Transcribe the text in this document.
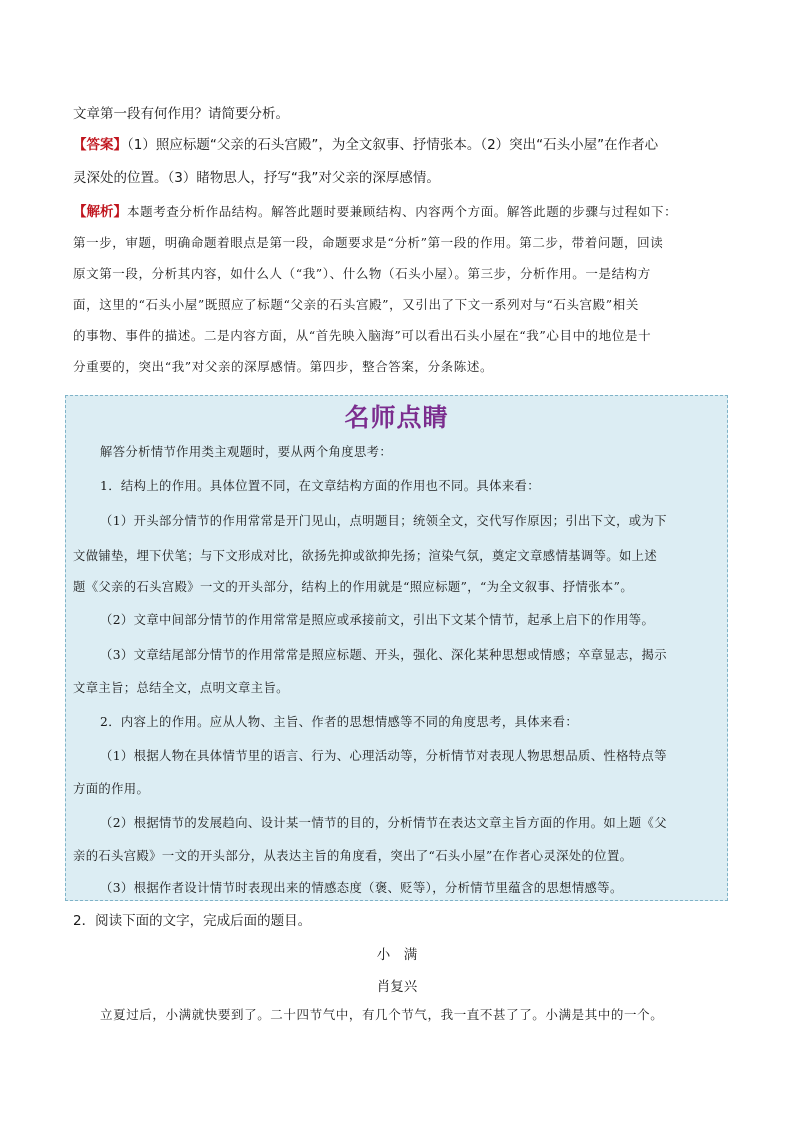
文章第一段有何作用？请简要分析。
【答案】（1）照应标题“父亲的石头宫殿”，为全文叙事、抒情张本。（2）突出“石头小屋”在作者心
灵深处的位置。（3）睹物思人，抒写“我”对父亲的深厚感情。
【解析】本题考查分析作品结构。解答此题时要兼顾结构、内容两个方面。解答此题的步骤与过程如下：
第一步，审题，明确命题着眼点是第一段，命题要求是“分析”第一段的作用。第二步，带着问题，回读
原文第一段，分析其内容，如什么人（“我”）、什么物（石头小屋）。第三步，分析作用。一是结构方
面，这里的“石头小屋”既照应了标题“父亲的石头宫殿”，又引出了下文一系列对与“石头宫殿”相关
的事物、事件的描述。二是内容方面，从“首先映入脑海”可以看出石头小屋在“我”心目中的地位是十
分重要的，突出“我”对父亲的深厚感情。第四步，整合答案，分条陈述。
名师点睛
解答分析情节作用类主观题时，要从两个角度思考：
1．结构上的作用。具体位置不同，在文章结构方面的作用也不同。具体来看：
（1）开头部分情节的作用常常是开门见山，点明题目；统领全文，交代写作原因；引出下文，或为下
文做铺垫，埋下伏笔；与下文形成对比，欲扬先抑或欲抑先扬；渲染气氛，奠定文章感情基调等。如上述
题《父亲的石头宫殿》一文的开头部分，结构上的作用就是“照应标题”，“为全文叙事、抒情张本”。
（2）文章中间部分情节的作用常常是照应或承接前文，引出下文某个情节，起承上启下的作用等。
（3）文章结尾部分情节的作用常常是照应标题、开头，强化、深化某种思想或情感；卒章显志，揭示
文章主旨；总结全文，点明文章主旨。
2．内容上的作用。应从人物、主旨、作者的思想情感等不同的角度思考，具体来看：
（1）根据人物在具体情节里的语言、行为、心理活动等，分析情节对表现人物思想品质、性格特点等
方面的作用。
（2）根据情节的发展趋向、设计某一情节的目的，分析情节在表达文章主旨方面的作用。如上题《父
亲的石头宫殿》一文的开头部分，从表达主旨的角度看，突出了“石头小屋”在作者心灵深处的位置。
（3）根据作者设计情节时表现出来的情感态度（褒、贬等），分析情节里蕴含的思想情感等。
2．阅读下面的文字，完成后面的题目。
小　满
肖复兴
立夏过后，小满就快要到了。二十四节气中，有几个节气，我一直不甚了了。小满是其中的一个。
